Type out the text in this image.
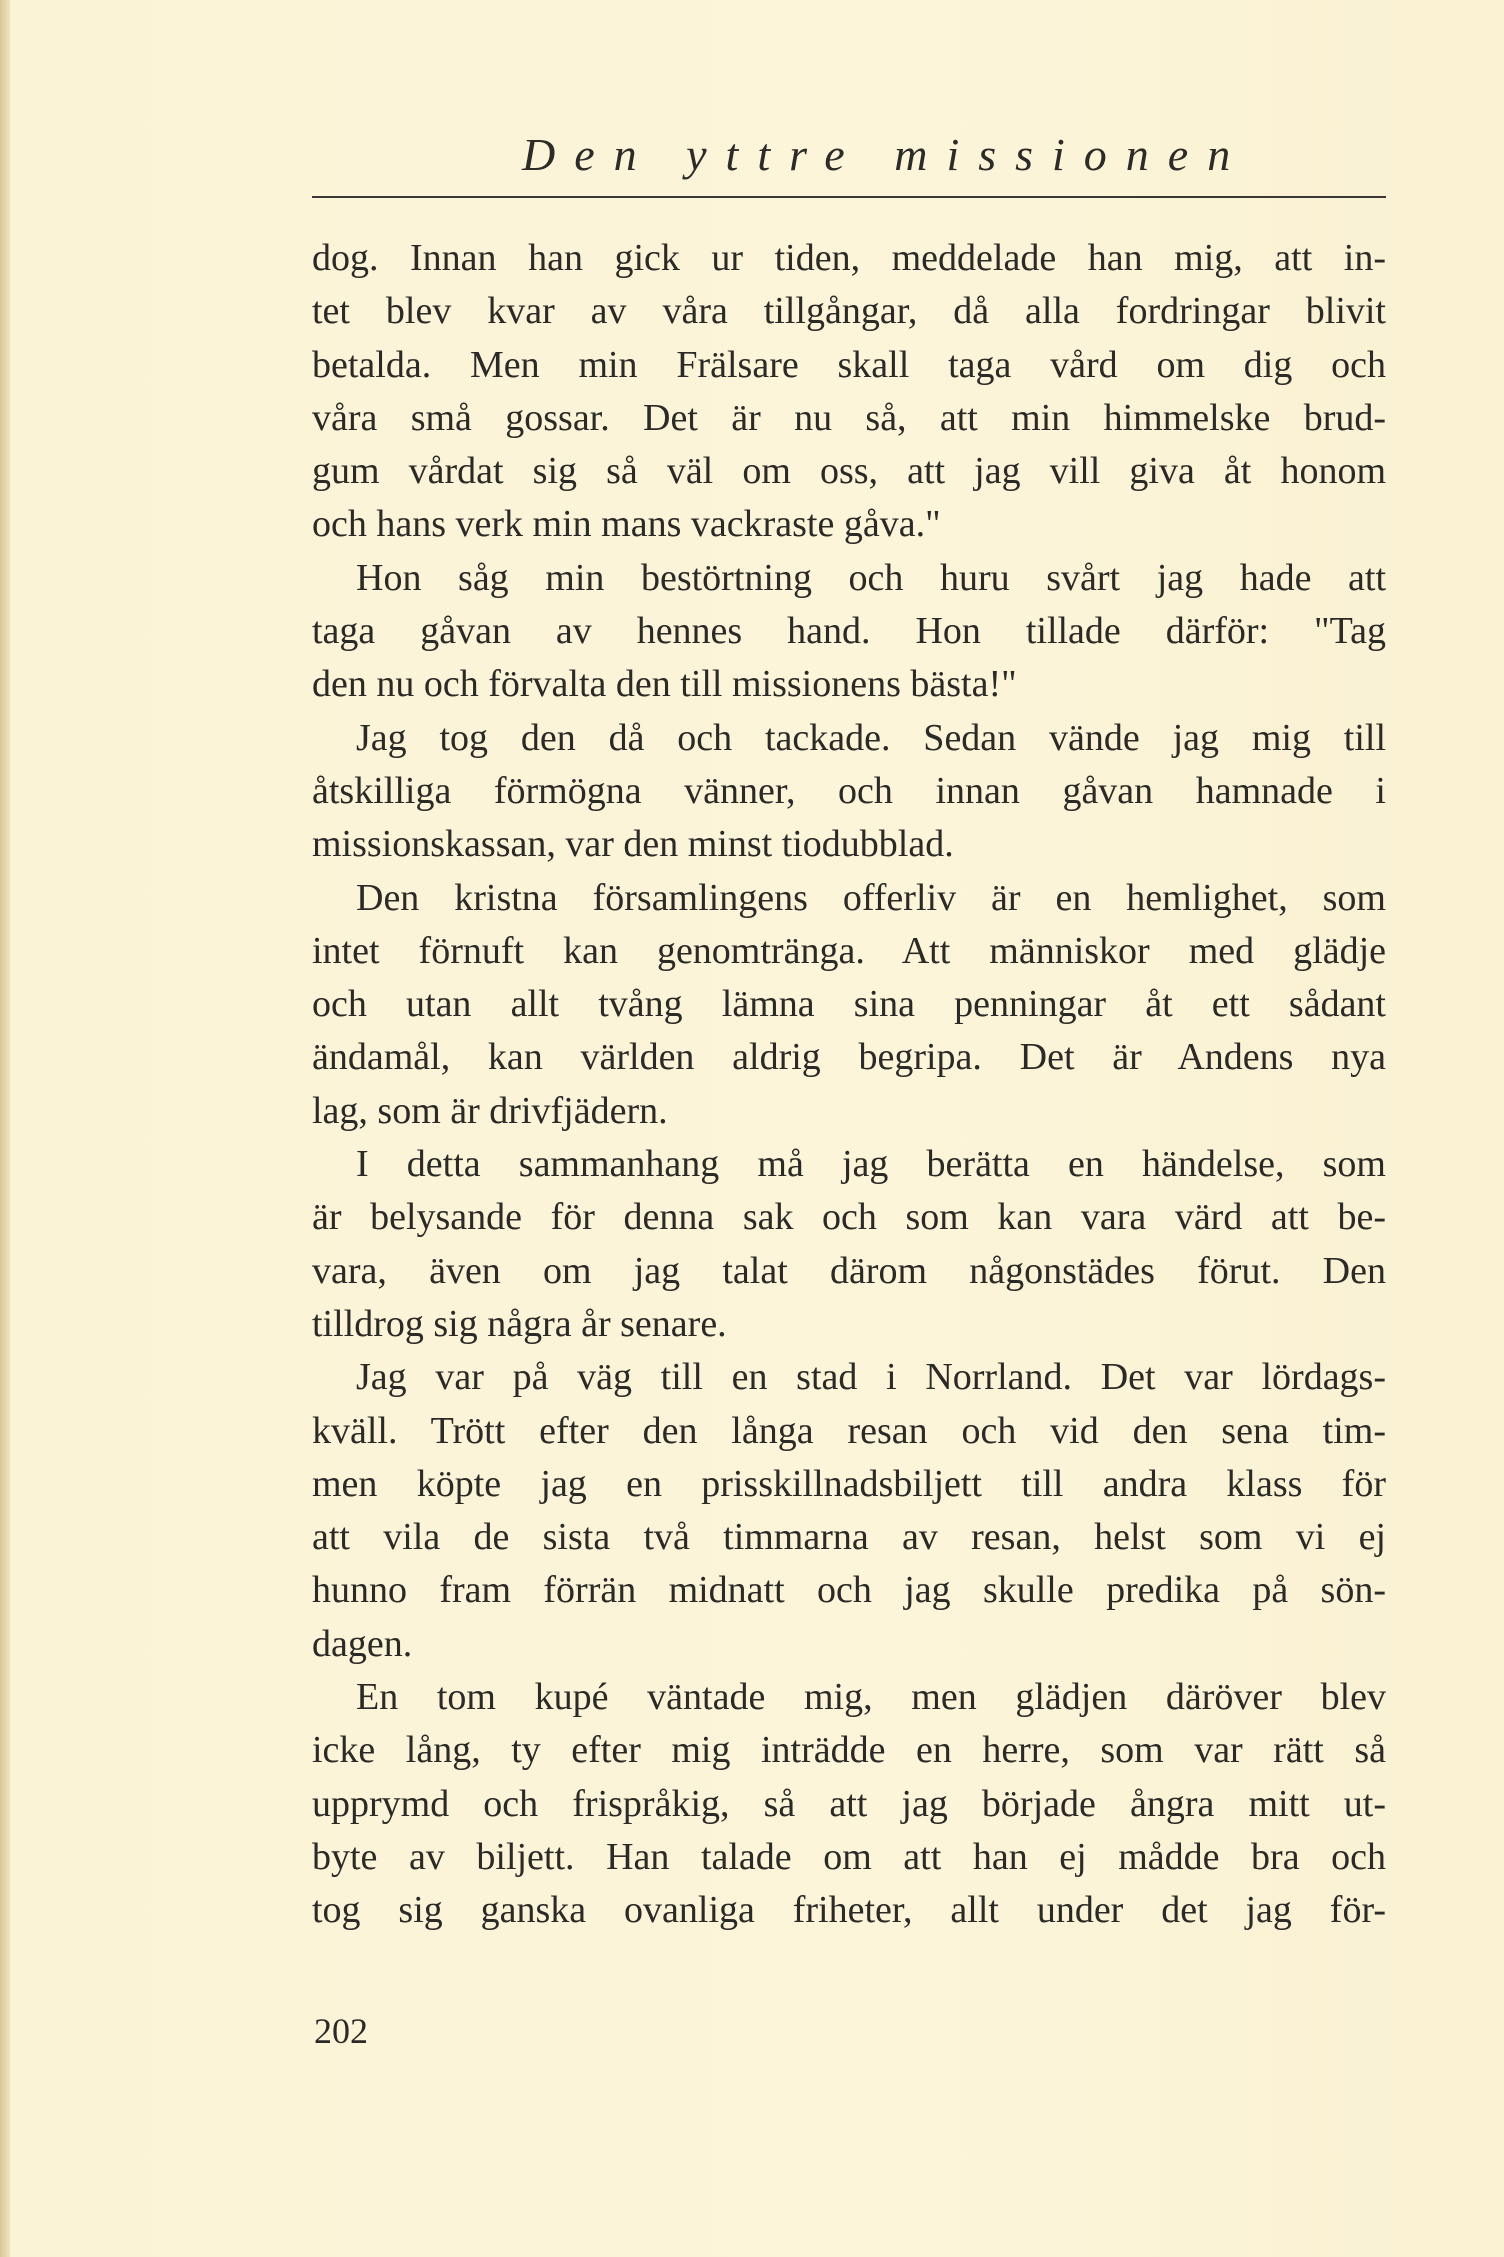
Den yttre missionen
dog. Innan han gick ur tiden, meddelade han mig, att in-
tet blev kvar av våra tillgångar, då alla fordringar blivit
betalda. Men min Frälsare skall taga vård om dig och
våra små gossar. Det är nu så, att min himmelske brud-
gum vårdat sig så väl om oss, att jag vill giva åt honom
och hans verk min mans vackraste gåva."
Hon såg min bestörtning och huru svårt jag hade att
taga gåvan av hennes hand. Hon tillade därför: "Tag
den nu och förvalta den till missionens bästa!"
Jag tog den då och tackade. Sedan vände jag mig till
åtskilliga förmögna vänner, och innan gåvan hamnade i
missionskassan, var den minst tiodubblad.
Den kristna församlingens offerliv är en hemlighet, som
intet förnuft kan genomtränga. Att människor med glädje
och utan allt tvång lämna sina penningar åt ett sådant
ändamål, kan världen aldrig begripa. Det är Andens nya
lag, som är drivfjädern.
I detta sammanhang må jag berätta en händelse, som
är belysande för denna sak och som kan vara värd att be-
vara, även om jag talat därom någonstädes förut. Den
tilldrog sig några år senare.
Jag var på väg till en stad i Norrland. Det var lördags-
kväll. Trött efter den långa resan och vid den sena tim-
men köpte jag en prisskillnadsbiljett till andra klass för
att vila de sista två timmarna av resan, helst som vi ej
hunno fram förrän midnatt och jag skulle predika på sön-
dagen.
En tom kupé väntade mig, men glädjen däröver blev
icke lång, ty efter mig inträdde en herre, som var rätt så
upprymd och frispråkig, så att jag började ångra mitt ut-
byte av biljett. Han talade om att han ej mådde bra och
tog sig ganska ovanliga friheter, allt under det jag för-
202
